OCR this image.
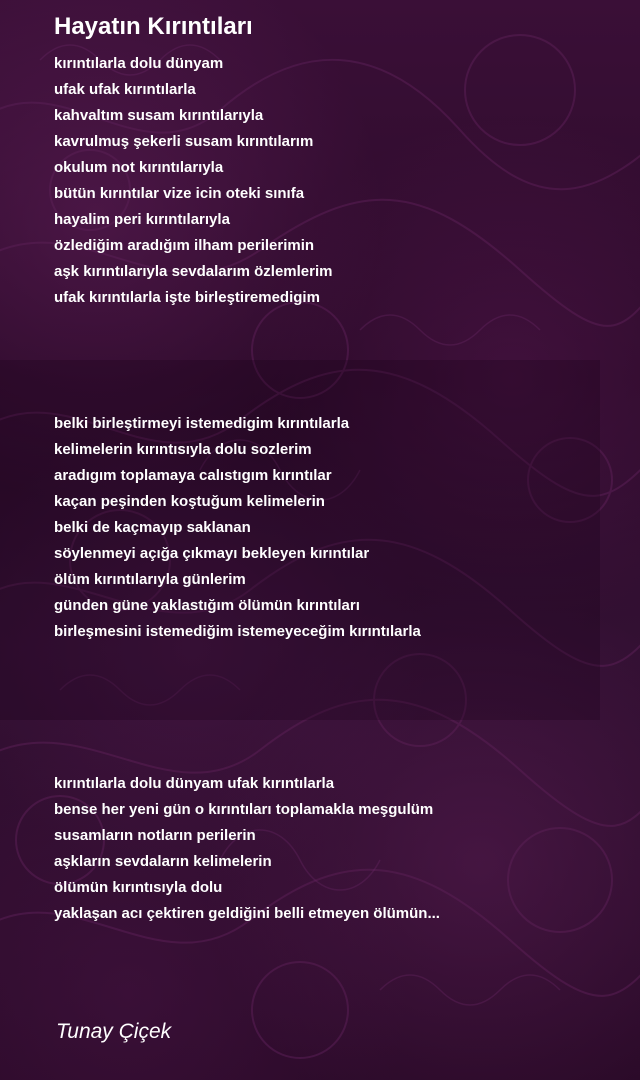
Hayatın Kırıntıları
kırıntılarla dolu dünyam
ufak ufak kırıntılarla
kahvaltım susam kırıntılarıyla
kavrulmuş şekerli susam kırıntılarım
okulum not kırıntılarıyla
bütün kırıntılar vize icin oteki sınıfa
hayalim peri kırıntılarıyla
özlediğim aradığım ilham perilerimin
aşk kırıntılarıyla sevdalarım özlemlerim
ufak kırıntılarla işte birleştiremedigim
belki birleştirmeyi istemedigim kırıntılarla
kelimelerin kırıntısıyla dolu sozlerim
aradıgım toplamaya calıstıgım kırıntılar
kaçan peşinden koştuğum kelimelerin
belki de kaçmayıp saklanan
söylenmeyi açığa çıkmayı bekleyen kırıntılar
ölüm kırıntılarıyla günlerim
günden güne yaklastığım ölümün kırıntıları
birleşmesini istemediğim istemeyeceğim kırıntılarla
kırıntılarla dolu dünyam ufak kırıntılarla
bense her yeni gün o kırıntıları toplamakla meşgulüm
susamların notların perilerin
aşkların sevdaların kelimelerin
ölümün kırıntısıyla dolu
yaklaşan acı çektiren geldiğini belli etmeyen ölümün...
Tunay Çiçek
